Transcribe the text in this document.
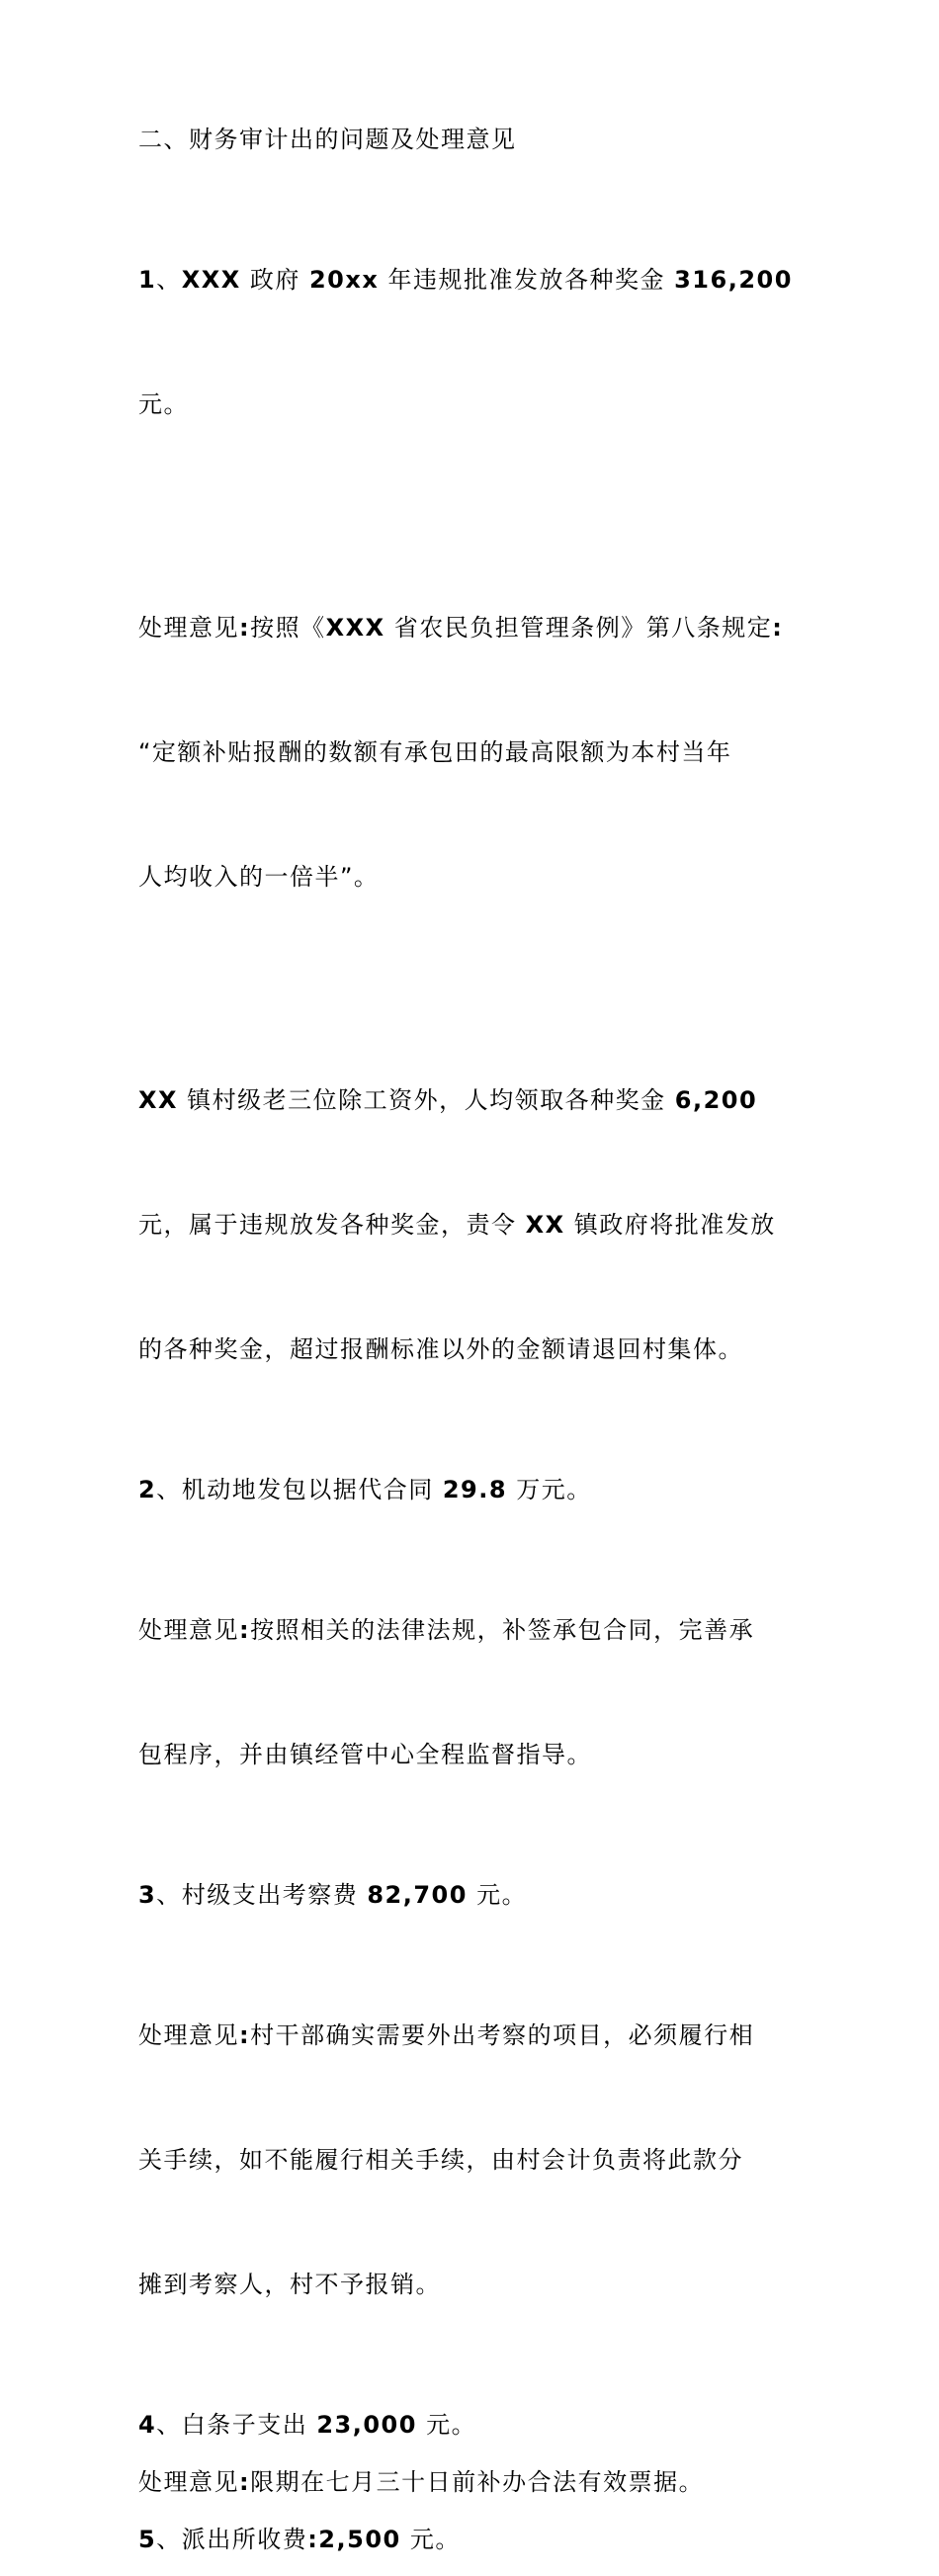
二、财务审计出的问题及处理意见

1、XXX 政府 20xx 年违规批准发放各种奖金 316,200

元。

处理意见:按照《XXX 省农民负担管理条例》第八条规定:

“定额补贴报酬的数额有承包田的最高限额为本村当年

人均收入的一倍半”。

XX 镇村级老三位除工资外，人均领取各种奖金 6,200

元，属于违规放发各种奖金，责令 XX 镇政府将批准发放

的各种奖金，超过报酬标准以外的金额请退回村集体。

2、机动地发包以据代合同 29.8 万元。

处理意见:按照相关的法律法规，补签承包合同，完善承

包程序，并由镇经管中心全程监督指导。

3、村级支出考察费 82,700 元。

处理意见:村干部确实需要外出考察的项目，必须履行相

关手续，如不能履行相关手续，由村会计负责将此款分

摊到考察人，村不予报销。

4、白条子支出 23,000 元。

处理意见:限期在七月三十日前补办合法有效票据。

5、派出所收费:2,500 元。
